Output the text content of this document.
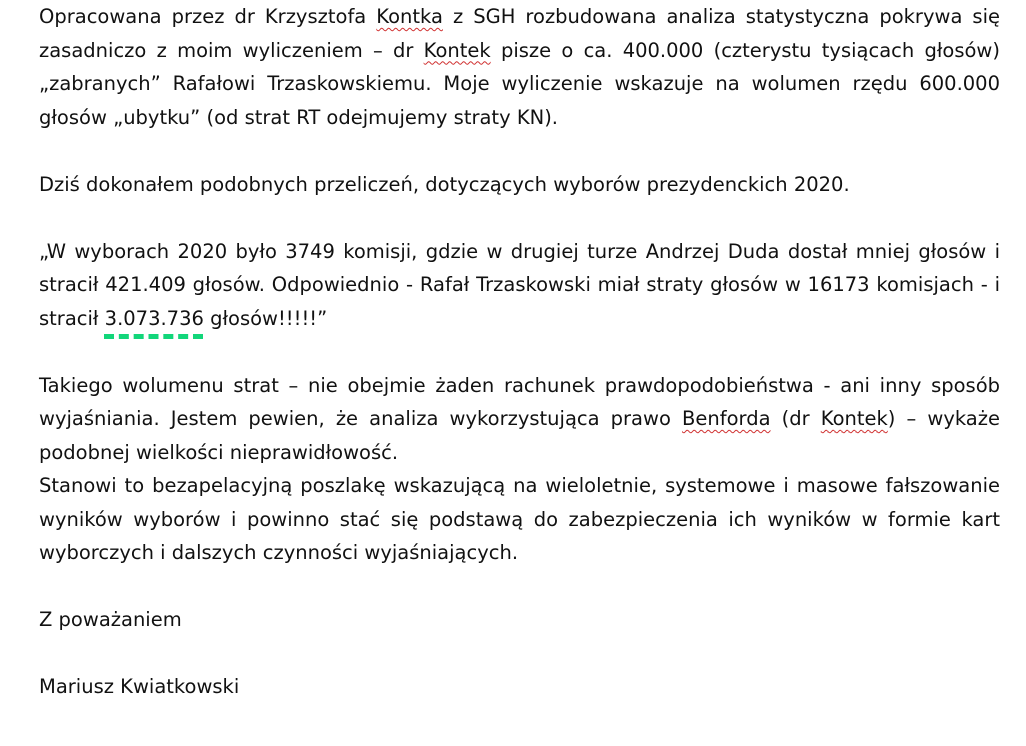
Opracowana przez dr Krzysztofa Kontka z SGH rozbudowana analiza statystyczna pokrywa się zasadniczo z moim wyliczeniem – dr Kontek pisze o ca. 400.000 (czterystu tysiącach głosów) „zabranych” Rafałowi Trzaskowskiemu. Moje wyliczenie wskazuje na wolumen rzędu 600.000 głosów „ubytku” (od strat RT odejmujemy straty KN).

Dziś dokonałem podobnych przeliczeń, dotyczących wyborów prezydenckich 2020.

„W wyborach 2020 było 3749 komisji, gdzie w drugiej turze Andrzej Duda dostał mniej głosów i stracił 421.409 głosów. Odpowiednio - Rafał Trzaskowski miał straty głosów w 16173 komisjach - i stracił 3.073.736 głosów!!!!!”

Takiego wolumenu strat – nie obejmie żaden rachunek prawdopodobieństwa - ani inny sposób wyjaśniania. Jestem pewien, że analiza wykorzystująca prawo Benforda (dr Kontek) – wykaże podobnej wielkości nieprawidłowość.

Stanowi to bezapelacyjną poszlakę wskazującą na wieloletnie, systemowe i masowe fałszowanie wyników wyborów i powinno stać się podstawą do zabezpieczenia ich wyników w formie kart wyborczych i dalszych czynności wyjaśniających.

Z poważaniem

Mariusz Kwiatkowski
